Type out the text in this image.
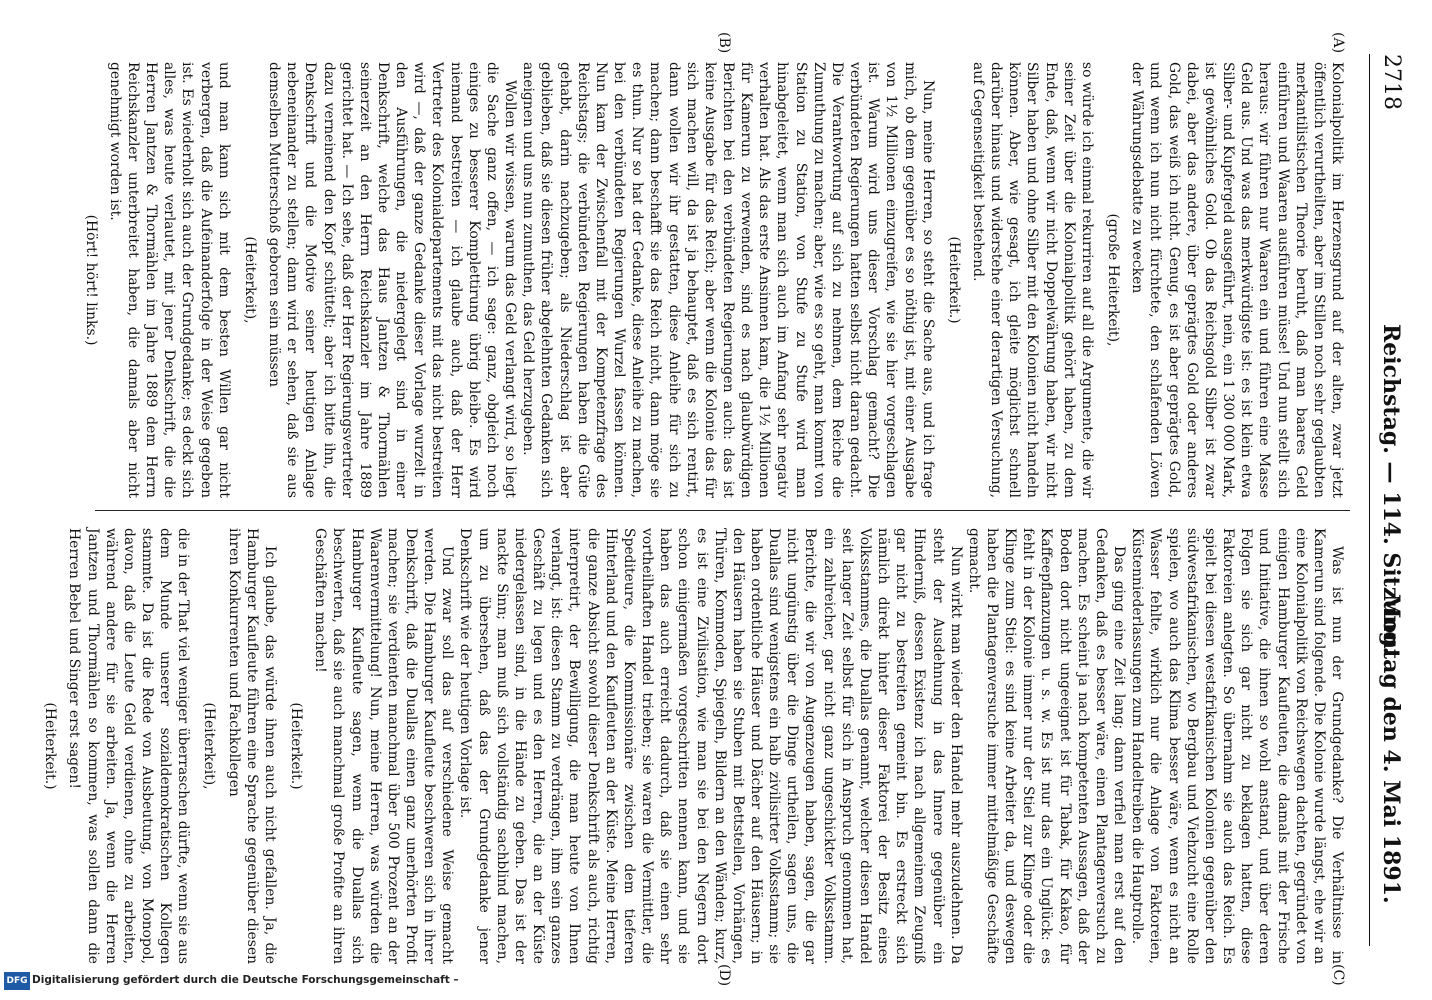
2718
Reichstag. — 114. Sitzung.
Montag den 4. Mai 1891.
(A)
(B)
(C)
(D)

Kolonialpolitik im Herzensgrund auf der alten, zwar jetzt öffentlich verurtheilten, aber im Stillen noch sehr geglaubten merkantilistischen Theorie beruht, daß man baares Geld einführen und Waaren ausführen müsse! Und nun stellt sich heraus: wir führen nur Waaren ein und führen eine Masse Geld aus. Und was das merkwürdigste ist: es ist klein etwa Silber- und Kupfergeld ausgeführt, nein, ein 1 300 000 Mark, ist gewöhnliches Gold. Ob das Reichsgold Silber ist zwar dabei, aber das andere, über geprägtes Gold oder anderes Gold, das weiß ich nicht. Genug, es ist aber geprägtes Gold, und wenn ich nun nicht fürchtete, den schlafenden Löwen der Währungsdebatte zu wecken

(große Heiterkeit),

so würde ich einmal rekurriren auf all die Argumente, die wir seiner Zeit über die Kolonialpolitik gehört haben, zu dem Ende, daß, wenn wir nicht Doppelwährung haben, wir nicht Silber haben und ohne Silber mit den Kolonien nicht handeln können. Aber, wie gesagt, ich gleite möglichst schnell darüber hinaus und widerstehe einer derartigen Versuchung, auf Gegenseitigkeit bestehend.

(Heiterkeit.)

Nun, meine Herren, so steht die Sache aus, und ich frage mich, ob dem gegenüber es so nöthig ist, mit einer Ausgabe von 1½ Millionen einzugreifen, wie sie hier vorgeschlagen ist. Warum wird uns dieser Vorschlag gemacht? Die verbündeten Regierungen hatten selbst nicht daran gedacht. Die Verantwortung auf sich zu nehmen, dem Reiche die Zumuthung zu machen; aber, wie es so geht, man kommt von Station zu Station, von Stufe zu Stufe wird man hinabgeleitet, wenn man sich auch im Anfang sehr negativ verhalten hat. Als das erste Ansinnen kam, die 1½ Millionen für Kamerun zu verwenden, sind es nach glaubwürdigen Berichten bei den verbündeten Regierungen auch: das ist keine Ausgabe für das Reich; aber wenn die Kolonie das für sich machen will, da ist ja behauptet, daß es sich rentirt, dann wollen wir ihr gestatten, diese Anleihe für sich zu machen; dann beschafft sie das Reich nicht, dann möge sie es thun. Nur so hat der Gedanke, diese Anleihe zu machen, bei den verbündeten Regierungen Wurzel fassen können. Nun kam der Zwischenfall mit der Kompetenzfrage des Reichstags; die verbündeten Regierungen haben die Güte gehabt, darin nachzugeben; als Niederschlag ist aber geblieben, daß sie diesen früher abgelehnten Gedanken sich aneignen und uns nun zumuthen, das Geld herzugeben.

Wollen wir wissen, warum das Geld verlangt wird, so liegt die Sache ganz offen, — ich sage: ganz, obgleich noch einiges zu besserer Komplettirung übrig bleibe. Es wird niemand bestreiten — ich glaube auch, daß der Herr Vertreter des Kolonialdepartements mit das nicht bestreiten wird —, daß der ganze Gedanke dieser Vorlage wurzelt in den Ausführungen, die niedergelegt sind in einer Denkschrift, welche das Haus Jantzen & Thormählen seinerzeit an den Herrn Reichskanzler im Jahre 1889 gerichtet hat. — Ich sehe, daß der Herr Regierungsvertreter dazu verneinend den Kopf schüttelt; aber ich bitte ihn, die Denkschrift und die Motive seiner heutigen Anlage nebeneinander zu stellen; dann wird er sehen, daß sie aus demselben Mutterschoß geboren sein müssen

(Heiterkeit),

und man kann sich mit dem besten Willen gar nicht verbergen, daß die Aufeinanderfolge in der Weise gegeben ist. Es wiederholt sich auch der Grundgedanke; es deckt sich alles, was heute verlautet, mit jener Denkschrift, die die Herren Jantzen & Thormählen im Jahre 1889 dem Herrn Reichskanzler unterbreitet haben, die damals aber nicht genehmigt worden ist.

(Hört! hört! links.)

Was ist nun der Grundgedanke? Die Verhältnisse in Kamerun sind folgende. Die Kolonie wurde längst, ehe wir an eine Kolonialpolitik von Reichswegen dachten, gegründet von einigen Hamburger Kaufleuten, die damals mit der Frische und Initiative, die ihnen so wohl anstand, und über deren Folgen sie sich gar nicht zu beklagen hatten, diese Faktoreien anlegten. So übernahm sie auch das Reich. Es spielt bei diesen westafrikanischen Kolonien gegenüber den südwestafrikanischen, wo Bergbau und Viehzucht eine Rolle spielen, wo auch das Klima besser wäre, wenn es nicht an Wasser fehlte, wirklich nur die Anlage von Faktoreien, Küstenniederlassungen zum Handeltreiben die Hauptrolle.

Das ging eine Zeit lang; dann verfiel man erst auf den Gedanken, daß es besser wäre, einen Plantagenversuch zu machen. Es scheint ja nach kompetenten Aussagen, daß der Boden dort nicht ungeeignet ist für Tabak, für Kakao, für Kaffeepflanzungen u. s. w. Es ist nur das ein Unglück: es fehlt in der Kolonie immer nur der Stiel zur Klinge oder die Klinge zum Stiel: es sind keine Arbeiter da, und deswegen haben die Plantagenversuche immer mittelmäßige Geschäfte gemacht.

Nun wirkt man wieder den Handel mehr auszudehnen. Da steht der Ausdehnung in das Innere gegenüber ein Hinderniß, dessen Existenz ich nach allgemeinem Zeugniß gar nicht zu bestreiten gemeint bin. Es erstreckt sich nämlich direkt hinter dieser Faktorei der Besitz eines Volksstammes, die Duallas genannt, welcher diesen Handel seit langer Zeit selbst für sich in Anspruch genommen hat, ein zahlreicher, gar nicht ganz ungeschickter Volksstamm. Berichte, die wir von Augenzeugen haben, sagen, die gar nicht ungünstig über die Dinge urtheilen, sagen uns, die Duallas sind wenigstens ein halb zivilisirter Volksstamm; sie haben ordentliche Häuser und Dächer auf den Häusern; in den Häusern haben sie Stuben mit Bettstellen, Vorhängen, Thüren, Kommoden, Spiegeln, Bildern an den Wänden; kurz, es ist eine Zivilisation, wie man sie bei den Negern dort schon einigermaßen vorgeschritten nennen kann, und sie haben das auch erreicht dadurch, daß sie einen sehr vortheilhaften Handel trieben; sie waren die Vermittler, die Spediteure, die Kommissionäre zwischen dem tieferen Hinterland und den Kaufleuten an der Küste. Meine Herren, die ganze Absicht sowohl dieser Denkschrift als auch, richtig interpretirt, der Bewilligung, die man heute von Ihnen verlangt, ist: diesen Stamm zu verdrängen, ihm sein ganzes Geschäft zu legen und es den Herren, die an der Küste niedergelassen sind, in die Hände zu geben. Das ist der nackte Sinn; man muß sich vollständig sachblind machen, um zu übersehen, daß das der Grundgedanke jener Denkschrift wie der heutigen Vorlage ist.

Und zwar soll das auf verschiedene Weise gemacht werden. Die Hamburger Kaufleute beschweren sich in ihrer Denkschrift, daß die Duallas einen ganz unerhörten Profit machen; sie verdienten manchmal über 500 Prozent an der Waarenvermittelung! Nun, meine Herren, was würden die Hamburger Kaufleute sagen, wenn die Duallas sich beschwerten, daß sie auch manchmal große Profite an ihren Geschäften machen!

(Heiterkeit.)

Ich glaube, das würde ihnen auch nicht gefallen. Ja, die Hamburger Kaufleute führen eine Sprache gegenüber diesen ihren Konkurrenten und Fachkollegen

(Heiterkeit),

die in der That viel weniger überraschen dürfte, wenn sie aus dem Munde unserer sozialdemokratischen Kollegen stammte. Da ist die Rede von Ausbeutung, von Monopol, davon, daß die Leute Geld verdienen, ohne zu arbeiten, während andere für sie arbeiten. Ja, wenn die Herren Jantzen und Thormählen so kommen, was sollen dann die Herren Bebel und Singer erst sagen!

(Heiterkeit.)

DFG Digitalisierung gefördert durch die Deutsche Forschungsgemeinschaft –
